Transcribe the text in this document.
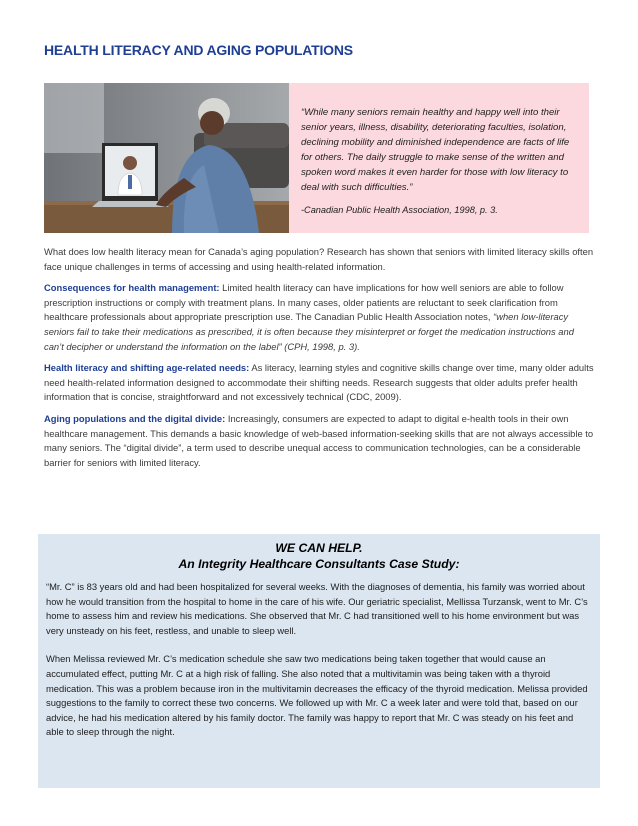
HEALTH LITERACY AND AGING POPULATIONS

“While many seniors remain healthy and happy well into their senior years, illness, disability, deteriorating faculties, isolation, declining mobility and diminished independence are facts of life for others. The daily struggle to make sense of the written and spoken word makes it even harder for those with low literacy to deal with such difficulties.”

-Canadian Public Health Association, 1998, p. 3.

What does low health literacy mean for Canada’s aging population? Research has shown that seniors with limited literacy skills often face unique challenges in terms of accessing and using health-related information.

Consequences for health management: Limited health literacy can have implications for how well seniors are able to follow prescription instructions or comply with treatment plans. In many cases, older patients are reluctant to seek clarification from healthcare professionals about appropriate prescription use. The Canadian Public Health Association notes, “when low-literacy seniors fail to take their medications as prescribed, it is often because they misinterpret or forget the medication instructions and can’t decipher or understand the information on the label” (CPH, 1998, p. 3).

Health literacy and shifting age-related needs: As literacy, learning styles and cognitive skills change over time, many older adults need health-related information designed to accommodate their shifting needs. Research suggests that older adults prefer health information that is concise, straightforward and not excessively technical (CDC, 2009).

Aging populations and the digital divide: Increasingly, consumers are expected to adapt to digital e-health tools in their own healthcare management. This demands a basic knowledge of web-based information-seeking skills that are not always accessible to many seniors. The “digital divide”, a term used to describe unequal access to communication technologies, can be a considerable barrier for seniors with limited literacy.

WE CAN HELP.

An Integrity Healthcare Consultants Case Study:

“Mr. C” is 83 years old and had been hospitalized for several weeks. With the diagnoses of dementia, his family was worried about how he would transition from the hospital to home in the care of his wife. Our geriatric specialist, Mellissa Turzansk, went to Mr. C’s home to assess him and review his medications. She observed that Mr. C had transitioned well to his home environment but was very unsteady on his feet, restless, and unable to sleep well.

When Melissa reviewed Mr. C’s medication schedule she saw two medications being taken together that would cause an accumulated effect, putting Mr. C at a high risk of falling. She also noted that a multivitamin was being taken with a thyroid medication. This was a problem because iron in the multivitamin decreases the efficacy of the thyroid medication. Melissa provided suggestions to the family to correct these two concerns. We followed up with Mr. C a week later and were told that, based on our advice, he had his medication altered by his family doctor. The family was happy to report that Mr. C was steady on his feet and able to sleep through the night.
